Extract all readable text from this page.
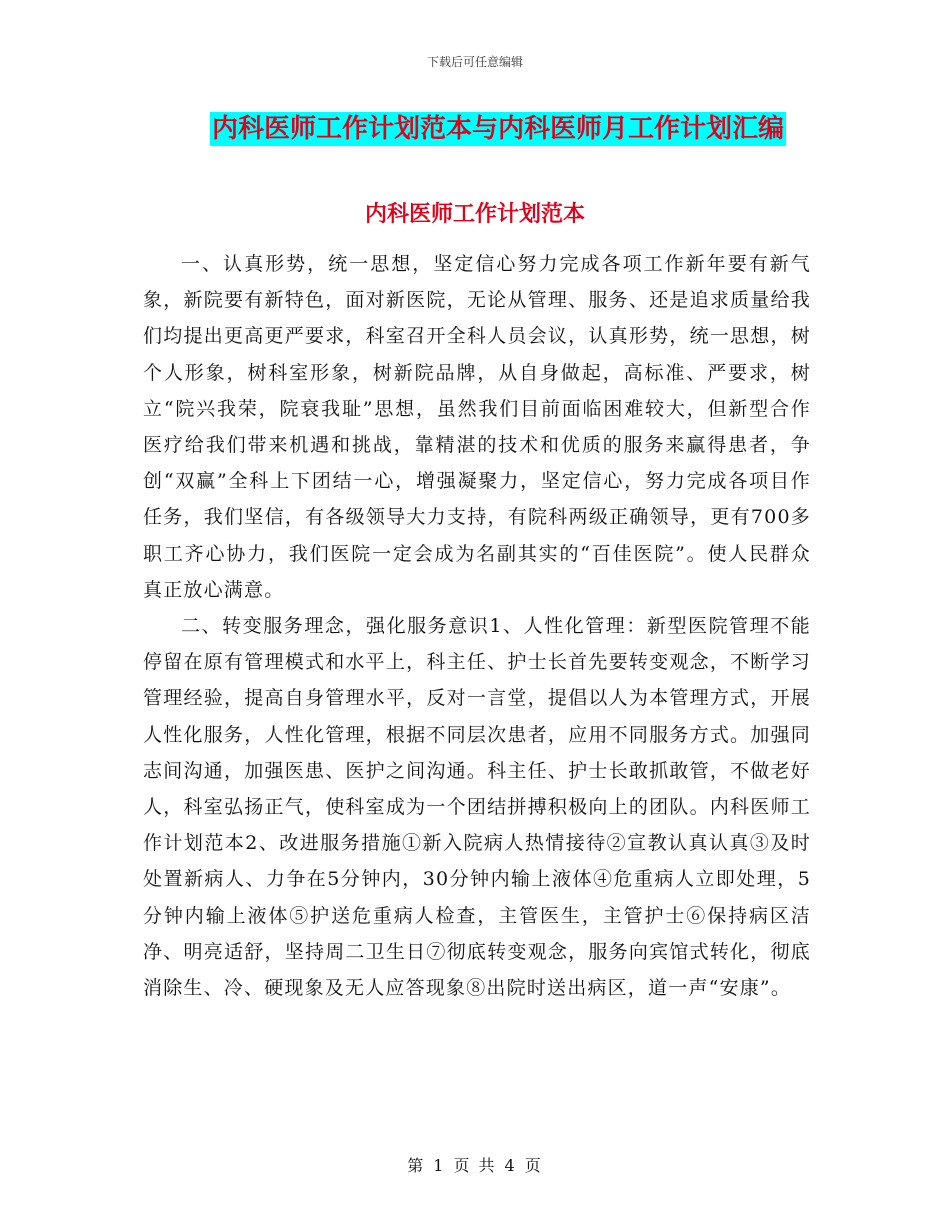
下载后可任意编辑
内科医师工作计划范本与内科医师月工作计划汇编
内科医师工作计划范本

一、认真形势，统一思想，坚定信心努力完成各项工作新年要有新气象，新院要有新特色，面对新医院，无论从管理、服务、还是追求质量给我们均提出更高更严要求，科室召开全科人员会议，认真形势，统一思想，树个人形象，树科室形象，树新院品牌，从自身做起，高标准、严要求，树立“院兴我荣，院衰我耻”思想，虽然我们目前面临困难较大，但新型合作医疗给我们带来机遇和挑战，靠精湛的技术和优质的服务来赢得患者，争创“双赢”全科上下团结一心，增强凝聚力，坚定信心，努力完成各项目作任务，我们坚信，有各级领导大力支持，有院科两级正确领导，更有700多职工齐心协力，我们医院一定会成为名副其实的“百佳医院”。使人民群众真正放心满意。

二、转变服务理念，强化服务意识1、人性化管理：新型医院管理不能停留在原有管理模式和水平上，科主任、护士长首先要转变观念，不断学习管理经验，提高自身管理水平，反对一言堂，提倡以人为本管理方式，开展人性化服务，人性化管理，根据不同层次患者，应用不同服务方式。加强同志间沟通，加强医患、医护之间沟通。科主任、护士长敢抓敢管，不做老好人，科室弘扬正气，使科室成为一个团结拼搏积极向上的团队。内科医师工作计划范本2、改进服务措施①新入院病人热情接待②宣教认真认真③及时处置新病人、力争在5分钟内，30分钟内输上液体④危重病人立即处理，5分钟内输上液体⑤护送危重病人检查，主管医生，主管护士⑥保持病区洁净、明亮适舒，坚持周二卫生日⑦彻底转变观念，服务向宾馆式转化，彻底消除生、冷、硬现象及无人应答现象⑧出院时送出病区，道一声“安康”。

第 1 页 共 4 页
